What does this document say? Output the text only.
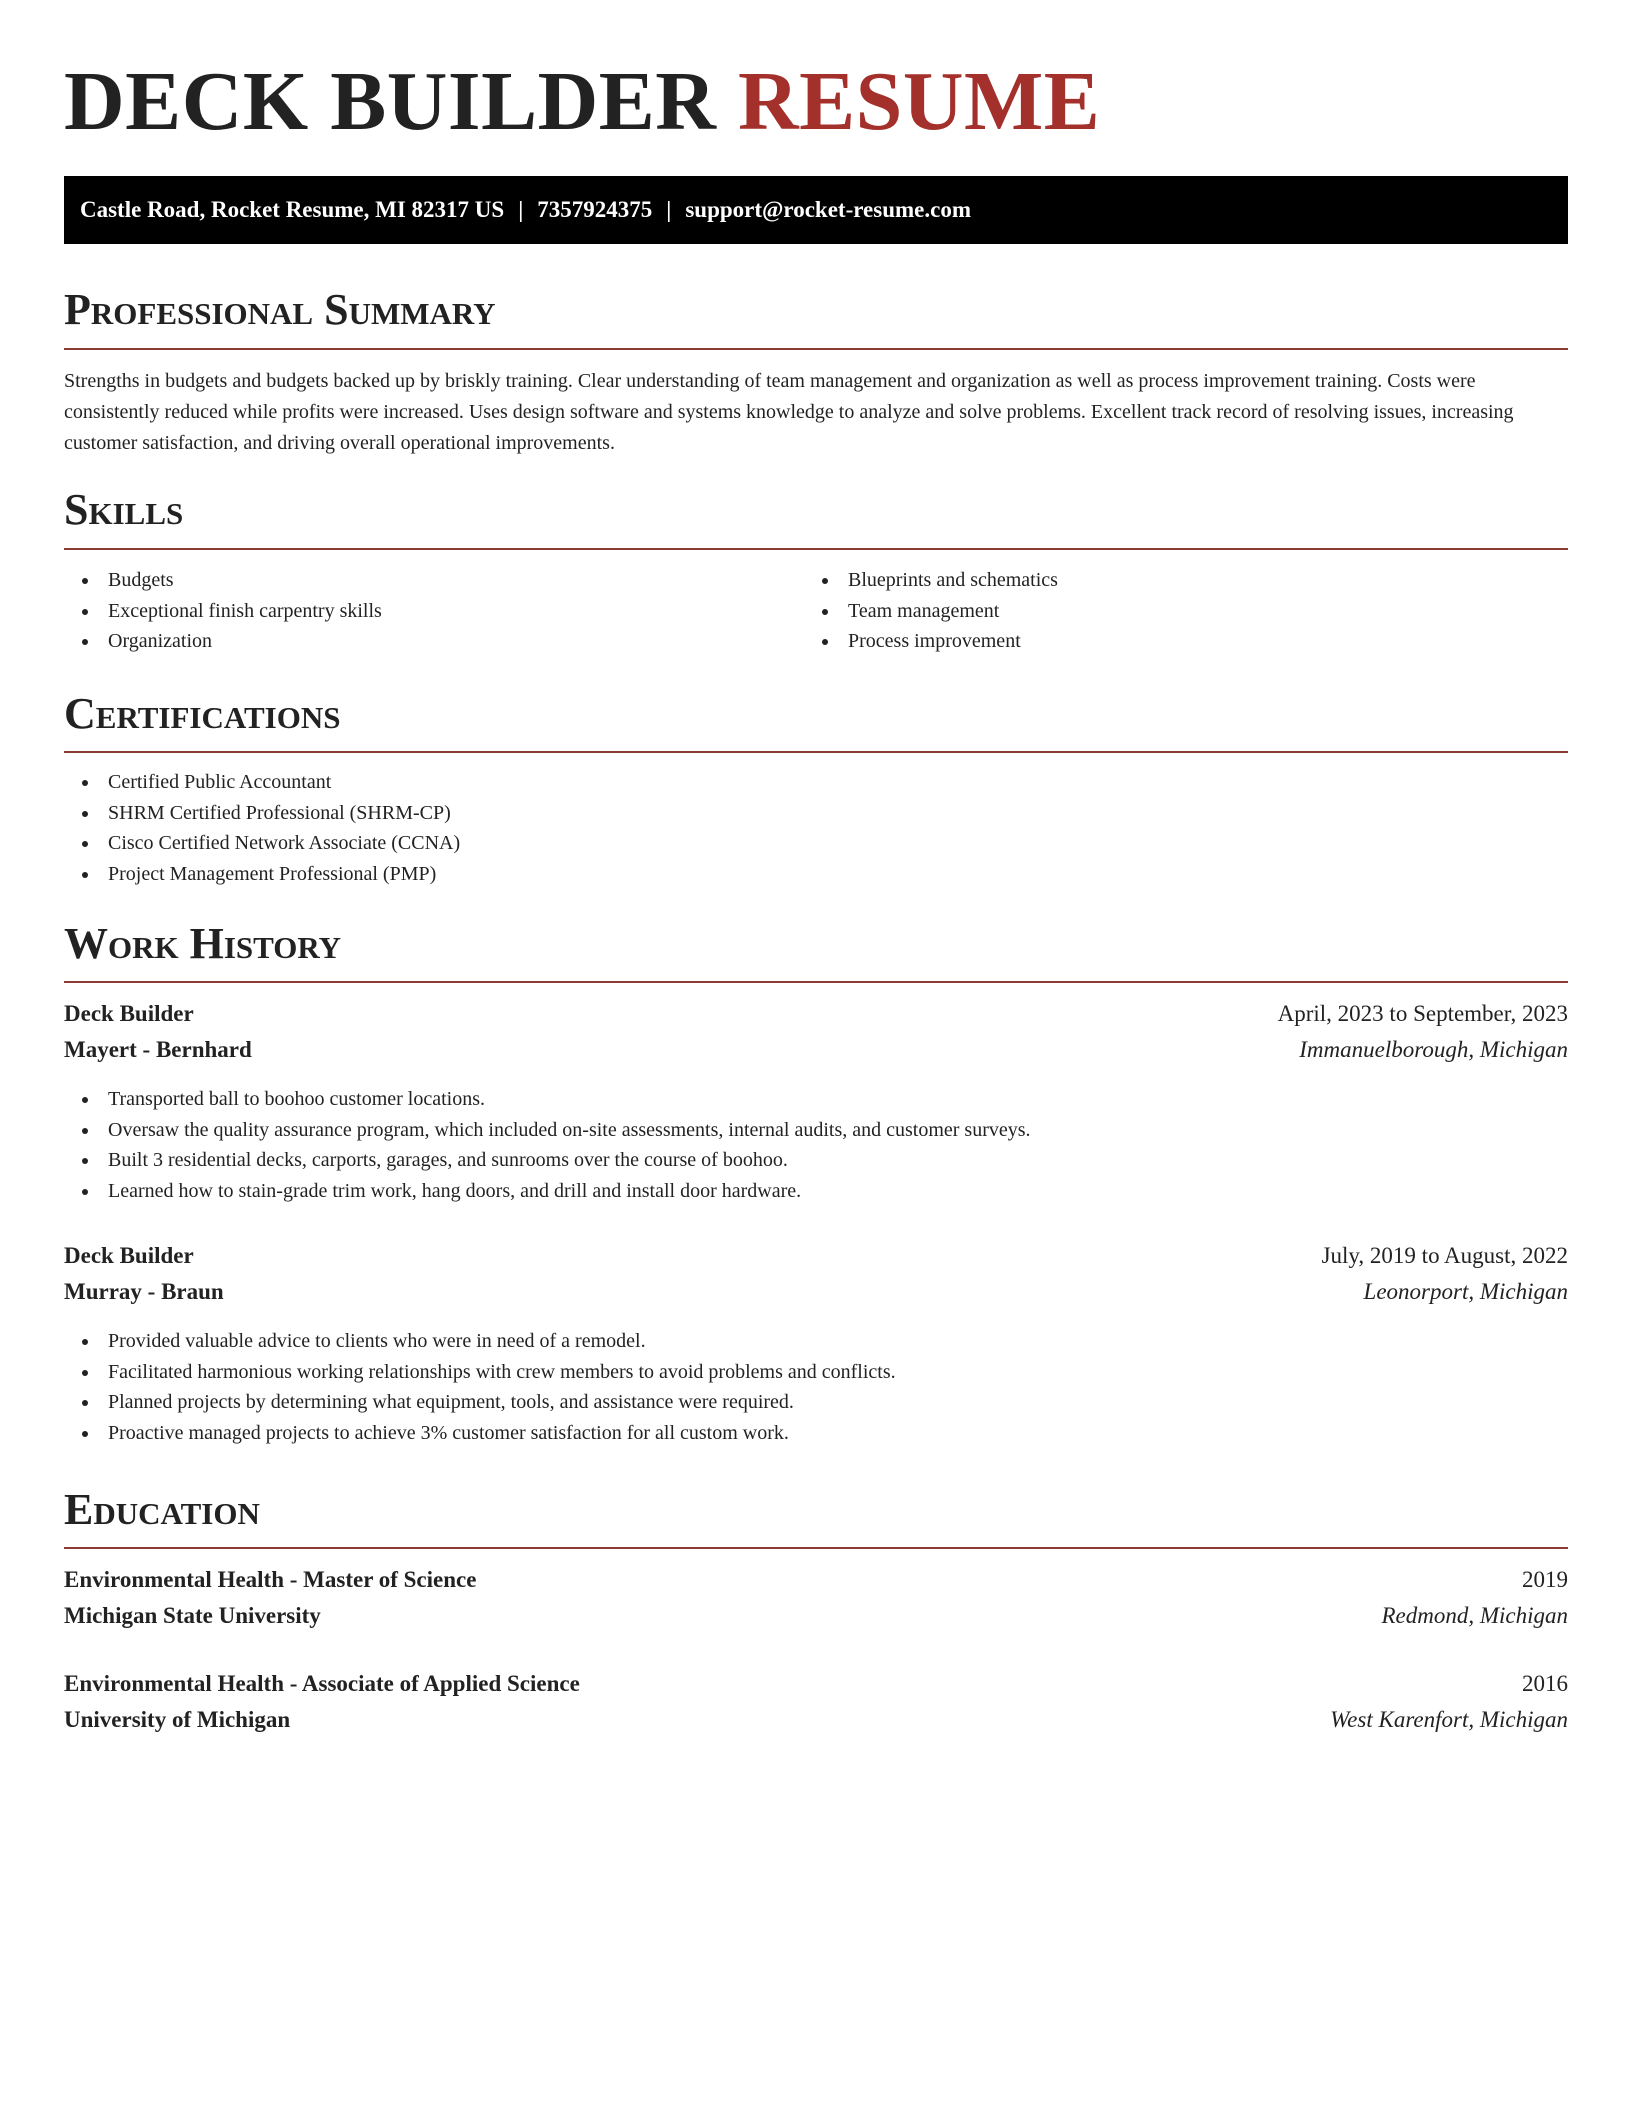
DECK BUILDER RESUME
Castle Road, Rocket Resume, MI 82317 US | 7357924375 | support@rocket-resume.com
Professional Summary

Strengths in budgets and budgets backed up by briskly training. Clear understanding of team management and organization as well as process improvement training. Costs were consistently reduced while profits were increased. Uses design software and systems knowledge to analyze and solve problems. Excellent track record of resolving issues, increasing customer satisfaction, and driving overall operational improvements.

Skills
Budgets
Exceptional finish carpentry skills
Organization
Blueprints and schematics
Team management
Process improvement
Certifications
Certified Public Accountant
SHRM Certified Professional (SHRM-CP)
Cisco Certified Network Associate (CCNA)
Project Management Professional (PMP)
Work History
Deck Builder	April, 2023 to September, 2023
Mayert - Bernhard	Immanuelborough, Michigan
Transported ball to boohoo customer locations.
Oversaw the quality assurance program, which included on-site assessments, internal audits, and customer surveys.
Built 3 residential decks, carports, garages, and sunrooms over the course of boohoo.
Learned how to stain-grade trim work, hang doors, and drill and install door hardware.
Deck Builder	July, 2019 to August, 2022
Murray - Braun	Leonorport, Michigan
Provided valuable advice to clients who were in need of a remodel.
Facilitated harmonious working relationships with crew members to avoid problems and conflicts.
Planned projects by determining what equipment, tools, and assistance were required.
Proactive managed projects to achieve 3% customer satisfaction for all custom work.
Education
Environmental Health - Master of Science	2019
Michigan State University	Redmond, Michigan
Environmental Health - Associate of Applied Science	2016
University of Michigan	West Karenfort, Michigan
